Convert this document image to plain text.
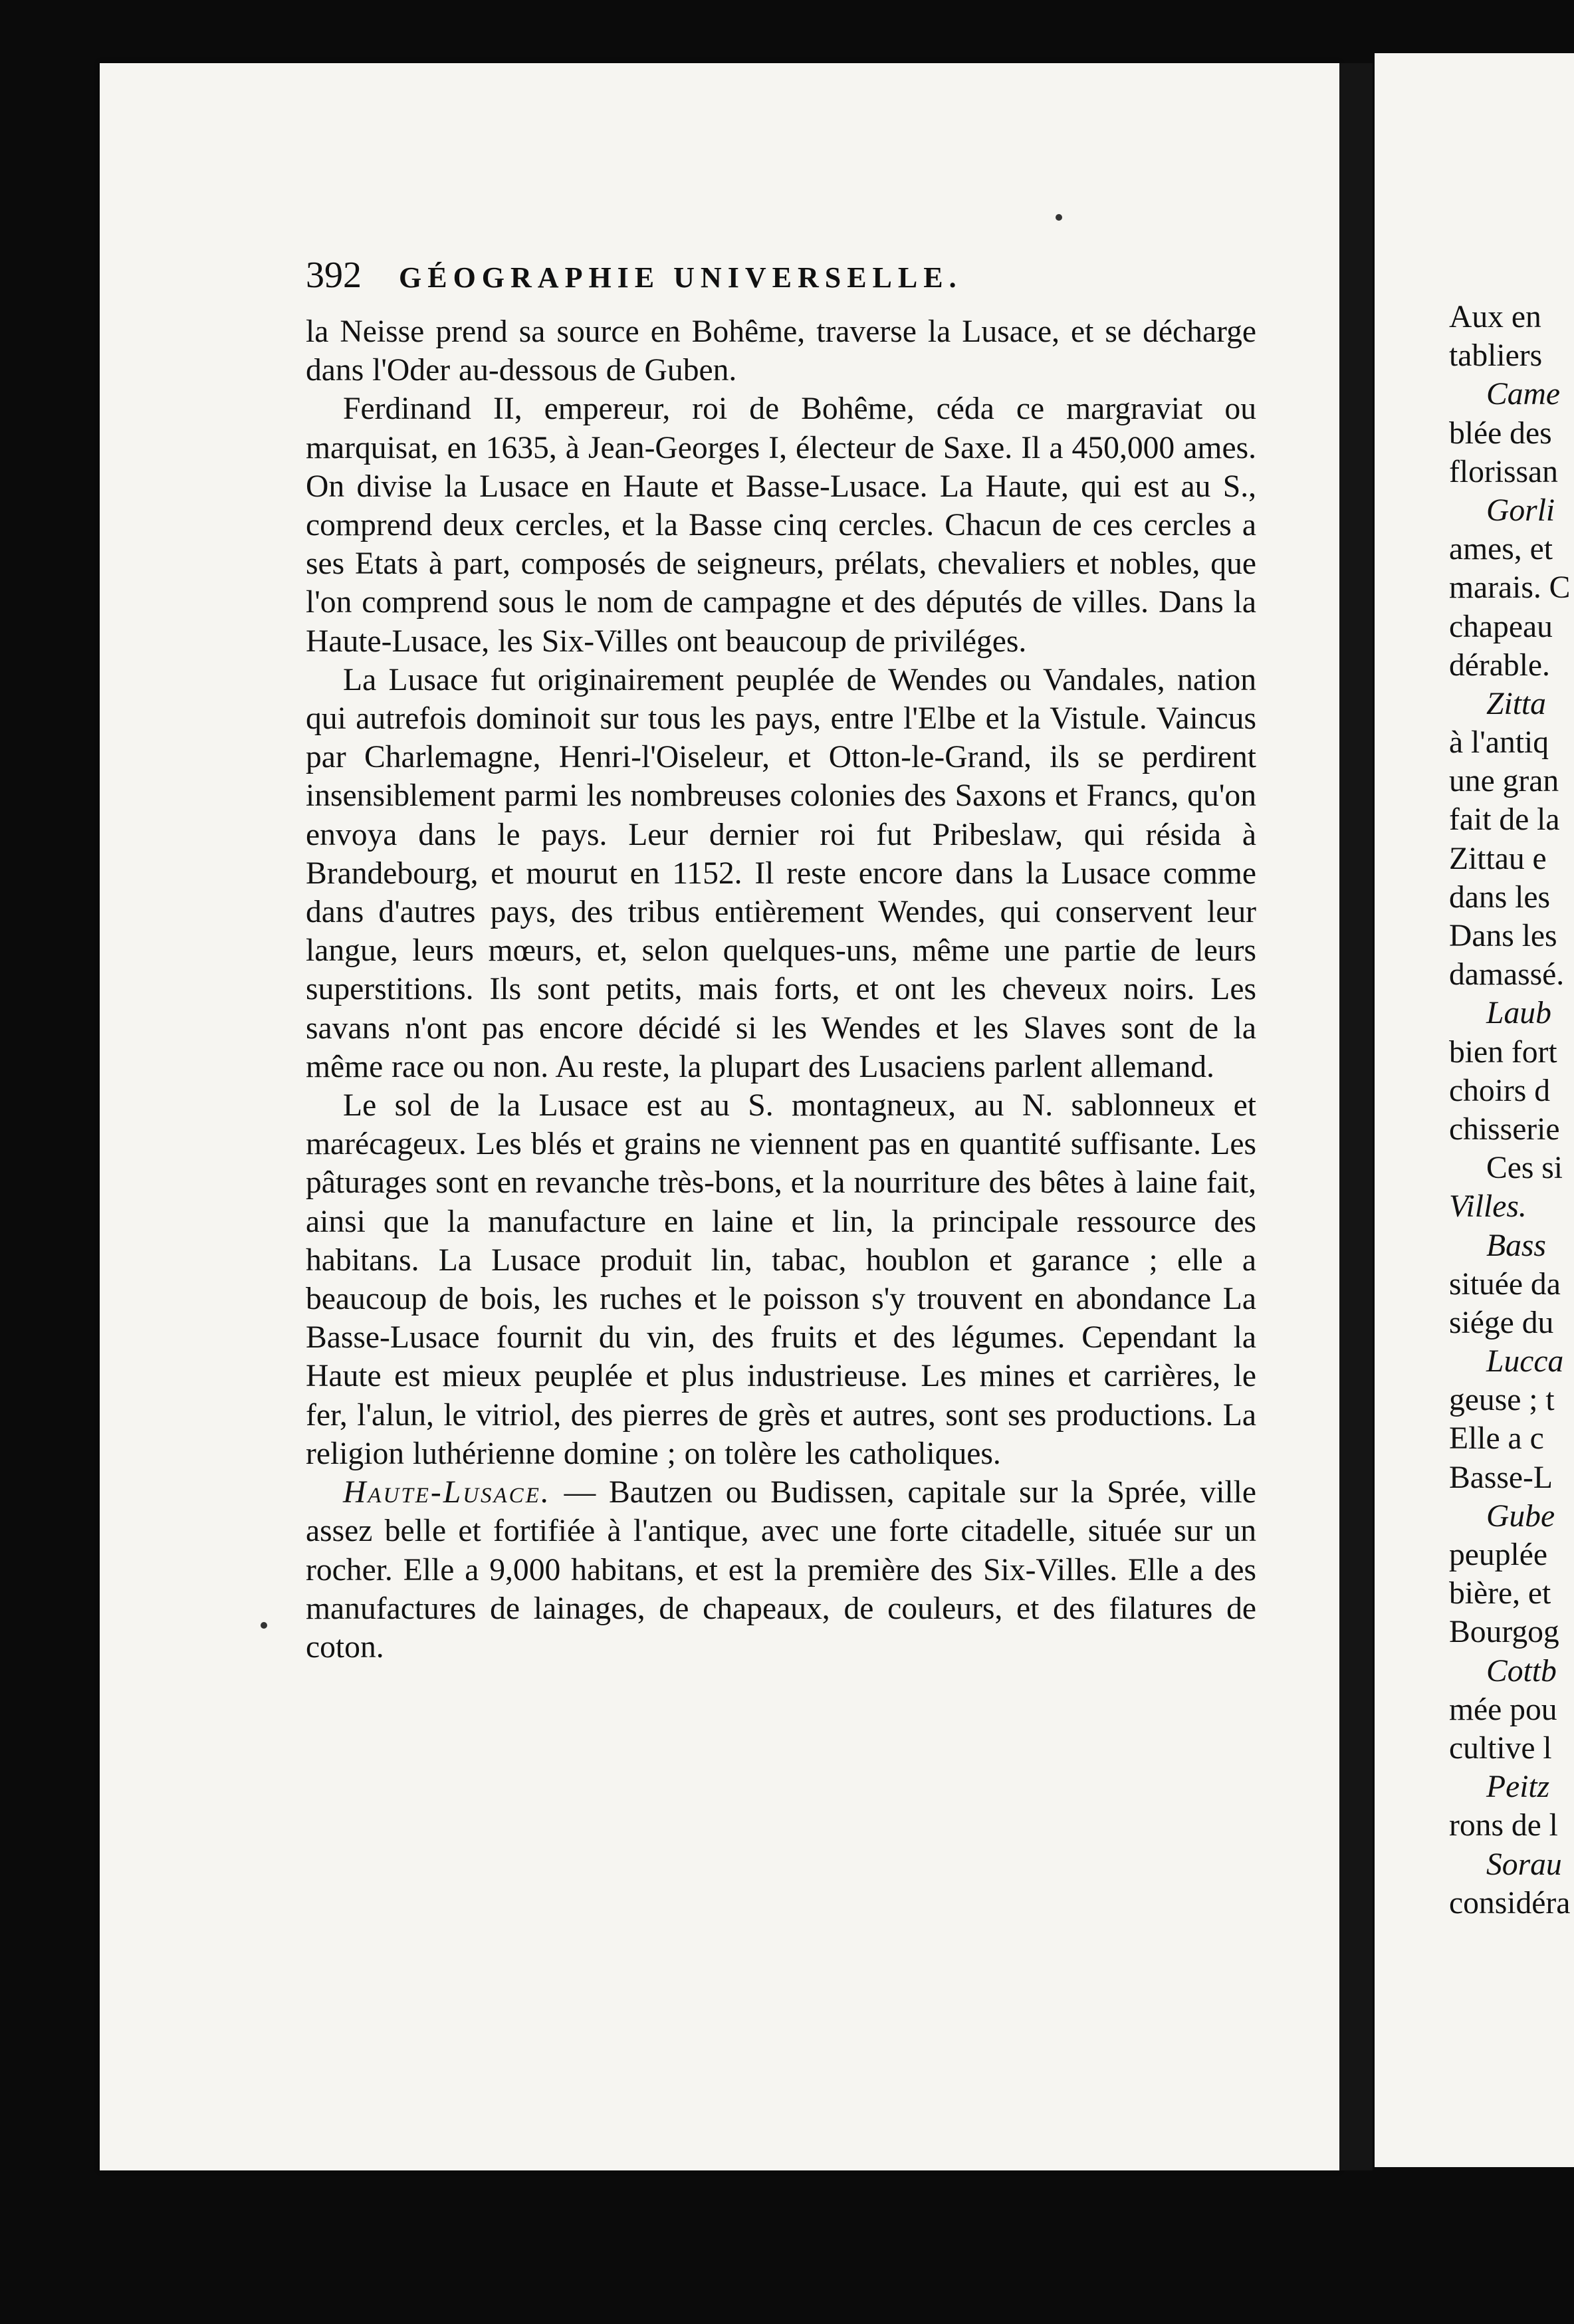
392 GÉOGRAPHIE UNIVERSELLE.

la Neisse prend sa source en Bohême, traverse la Lusace, et se décharge dans l'Oder au-dessous de Guben.

Ferdinand II, empereur, roi de Bohême, céda ce margraviat ou marquisat, en 1635, à Jean-Georges I, électeur de Saxe. Il a 450,000 ames. On divise la Lusace en Haute et Basse-Lusace. La Haute, qui est au S., comprend deux cercles, et la Basse cinq cercles. Chacun de ces cercles a ses Etats à part, composés de seigneurs, prélats, chevaliers et nobles, que l'on comprend sous le nom de campagne et des députés de villes. Dans la Haute-Lusace, les Six-Villes ont beaucoup de priviléges.

La Lusace fut originairement peuplée de Wendes ou Vandales, nation qui autrefois dominoit sur tous les pays, entre l'Elbe et la Vistule. Vaincus par Charlemagne, Henri-l'Oiseleur, et Otton-le-Grand, ils se perdirent insensiblement parmi les nombreuses colonies des Saxons et Francs, qu'on envoya dans le pays. Leur dernier roi fut Pribeslaw, qui résida à Brandebourg, et mourut en 1152. Il reste encore dans la Lusace comme dans d'autres pays, des tribus entièrement Wendes, qui conservent leur langue, leurs mœurs, et, selon quelques-uns, même une partie de leurs superstitions. Ils sont petits, mais forts, et ont les cheveux noirs. Les savans n'ont pas encore décidé si les Wendes et les Slaves sont de la même race ou non. Au reste, la plupart des Lusaciens parlent allemand.

Le sol de la Lusace est au S. montagneux, au N. sablonneux et marécageux. Les blés et grains ne viennent pas en quantité suffisante. Les pâturages sont en revanche très-bons, et la nourriture des bêtes à laine fait, ainsi que la manufacture en laine et lin, la principale ressource des habitans. La Lusace produit lin, tabac, houblon et garance ; elle a beaucoup de bois, les ruches et le poisson s'y trouvent en abondance La Basse-Lusace fournit du vin, des fruits et des légumes. Cependant la Haute est mieux peuplée et plus industrieuse. Les mines et carrières, le fer, l'alun, le vitriol, des pierres de grès et autres, sont ses productions. La religion luthérienne domine ; on tolère les catholiques.

Haute-Lusace. — Bautzen ou Budissen, capitale sur la Sprée, ville assez belle et fortifiée à l'antique, avec une forte citadelle, située sur un rocher. Elle a 9,000 habitans, et est la première des Six-Villes. Elle a des manufactures de lainages, de chapeaux, de couleurs, et des filatures de coton.

Aux en
tabliers
Came
blée des
florissan
Gorli
ames, et
marais. C
chapeau
dérable.
Zitta
à l'antiq
une gran
fait de la
Zittau e
dans les
Dans les
damassé.
Laub
bien fort
choirs d
chisserie
Ces si
Villes.
Bass
située da
siége du
Lucca
geuse ; t
Elle a c
Basse-L
Gube
peuplée
bière, et
Bourgog
Cottb
mée pou
cultive l
Peitz
rons de l
Sorau
considéra
